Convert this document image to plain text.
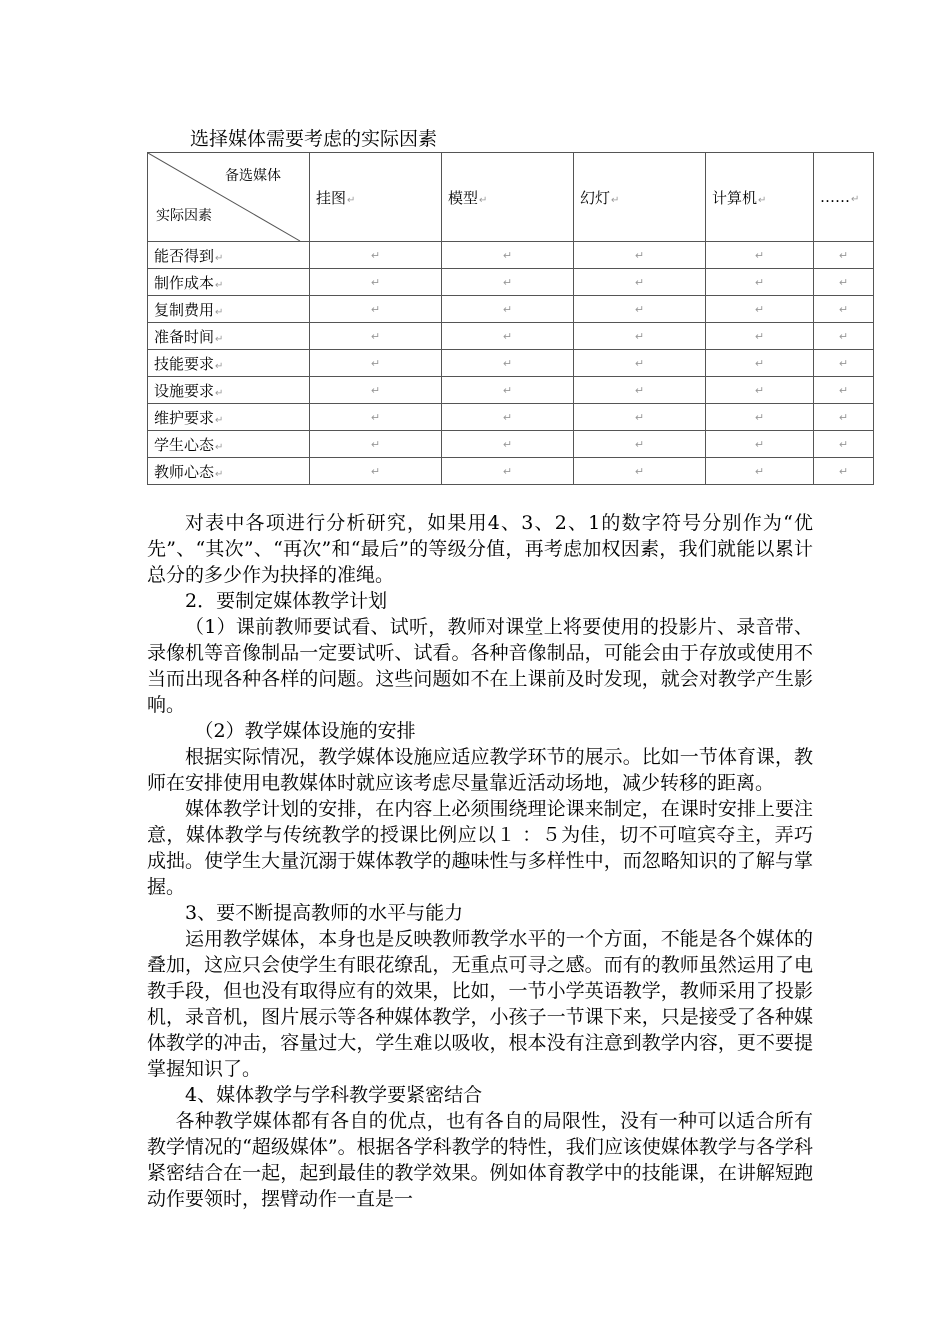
选择媒体需要考虑的实际因素
备选媒体
实际因素	挂图↵	模型↵	幻灯↵	计算机↵	……↵
能否得到↵	↵	↵	↵	↵	↵
制作成本↵	↵	↵	↵	↵	↵
复制费用↵	↵	↵	↵	↵	↵
准备时间↵	↵	↵	↵	↵	↵
技能要求↵	↵	↵	↵	↵	↵
设施要求↵	↵	↵	↵	↵	↵
维护要求↵	↵	↵	↵	↵	↵
学生心态↵	↵	↵	↵	↵	↵
教师心态↵	↵	↵	↵	↵	↵

对表中各项进行分析研究，如果用4、3、2、1的数字符号分别作为“优先”、“其次”、“再次”和“最后”的等级分值，再考虑加权因素，我们就能以累计总分的多少作为抉择的准绳。

2．要制定媒体教学计划

（1）课前教师要试看、试听，教师对课堂上将要使用的投影片、录音带、录像机等音像制品一定要试听、试看。各种音像制品，可能会由于存放或使用不当而出现各种各样的问题。这些问题如不在上课前及时发现，就会对教学产生影响。

（2）教学媒体设施的安排

根据实际情况，教学媒体设施应适应教学环节的展示。比如一节体育课，教师在安排使用电教媒体时就应该考虑尽量靠近活动场地，减少转移的距离。

媒体教学计划的安排，在内容上必须围绕理论课来制定，在课时安排上要注意，媒体教学与传统教学的授课比例应以１ ：５为佳，切不可喧宾夺主，弄巧成拙。使学生大量沉溺于媒体教学的趣味性与多样性中，而忽略知识的了解与掌握。

3、要不断提高教师的水平与能力

运用教学媒体，本身也是反映教师教学水平的一个方面，不能是各个媒体的叠加，这应只会使学生有眼花缭乱，无重点可寻之感。而有的教师虽然运用了电教手段，但也没有取得应有的效果，比如，一节小学英语教学，教师采用了投影机，录音机，图片展示等各种媒体教学，小孩子一节课下来，只是接受了各种媒体教学的冲击，容量过大，学生难以吸收，根本没有注意到教学内容，更不要提掌握知识了。

4、媒体教学与学科教学要紧密结合

各种教学媒体都有各自的优点，也有各自的局限性，没有一种可以适合所有教学情况的“超级媒体”。根据各学科教学的特性，我们应该使媒体教学与各学科紧密结合在一起，起到最佳的教学效果。例如体育教学中的技能课，在讲解短跑动作要领时，摆臂动作一直是一
